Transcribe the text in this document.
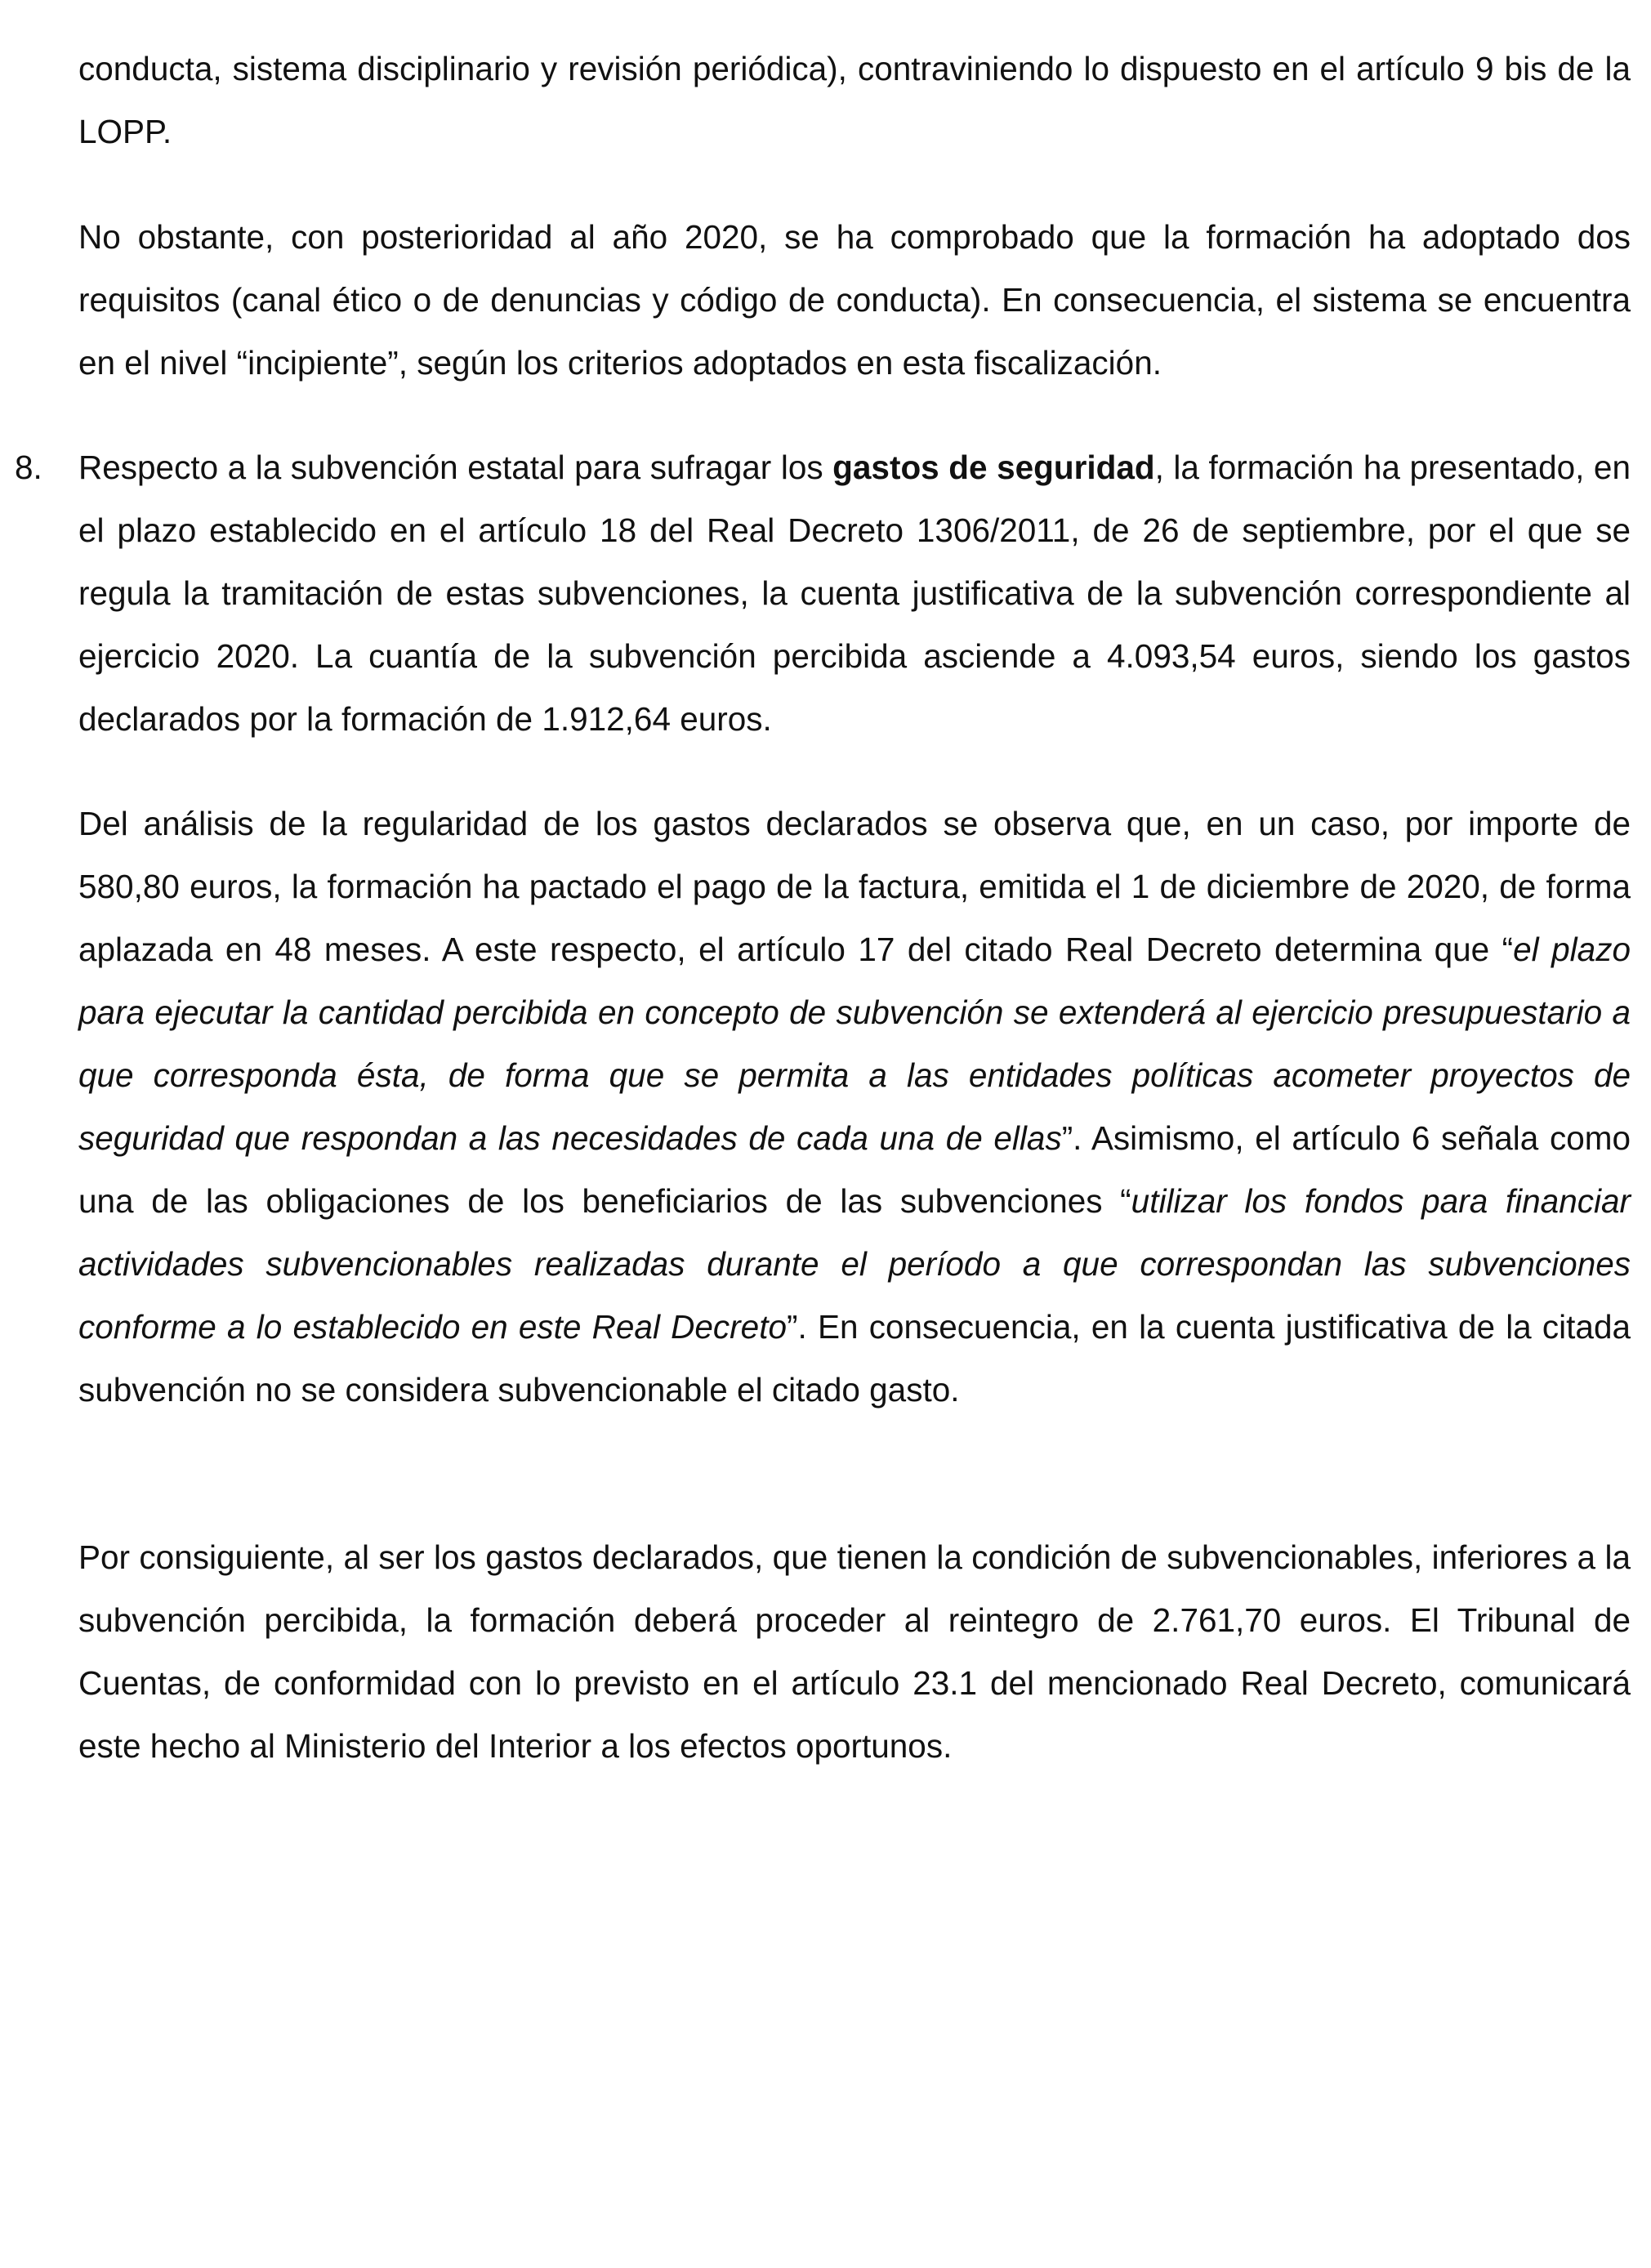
conducta, sistema disciplinario y revisión periódica), contraviniendo lo dispuesto en el artículo 9 bis de la LOPP.

No obstante, con posterioridad al año 2020, se ha comprobado que la formación ha adoptado dos requisitos (canal ético o de denuncias y código de conducta). En consecuencia, el sistema se encuentra en el nivel “incipiente”, según los criterios adoptados en esta fiscalización.

8. Respecto a la subvención estatal para sufragar los gastos de seguridad, la formación ha presentado, en el plazo establecido en el artículo 18 del Real Decreto 1306/2011, de 26 de septiembre, por el que se regula la tramitación de estas subvenciones, la cuenta justificativa de la subvención correspondiente al ejercicio 2020. La cuantía de la subvención percibida asciende a 4.093,54 euros, siendo los gastos declarados por la formación de 1.912,64 euros.

Del análisis de la regularidad de los gastos declarados se observa que, en un caso, por importe de 580,80 euros, la formación ha pactado el pago de la factura, emitida el 1 de diciembre de 2020, de forma aplazada en 48 meses. A este respecto, el artículo 17 del citado Real Decreto determina que “el plazo para ejecutar la cantidad percibida en concepto de subvención se extenderá al ejercicio presupuestario a que corresponda ésta, de forma que se permita a las entidades políticas acometer proyectos de seguridad que respondan a las necesidades de cada una de ellas”. Asimismo, el artículo 6 señala como una de las obligaciones de los beneficiarios de las subvenciones “utilizar los fondos para financiar actividades subvencionables realizadas durante el período a que correspondan las subvenciones conforme a lo establecido en este Real Decreto”. En consecuencia, en la cuenta justificativa de la citada subvención no se considera subvencionable el citado gasto.

Por consiguiente, al ser los gastos declarados, que tienen la condición de subvencionables, inferiores a la subvención percibida, la formación deberá proceder al reintegro de 2.761,70 euros. El Tribunal de Cuentas, de conformidad con lo previsto en el artículo 23.1 del mencionado Real Decreto, comunicará este hecho al Ministerio del Interior a los efectos oportunos.
